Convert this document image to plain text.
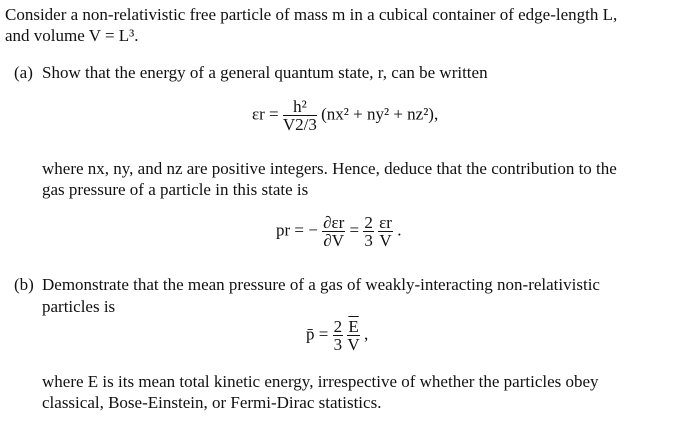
Consider a non-relativistic free particle of mass m in a cubical container of edge-length L,
and volume V = L³.
(a) Show that the energy of a general quantum state, r, can be written
$\varepsilon r = \frac{\text{h²}}{V2/3} (nx^2 + ny^2 + nz^2)$,
where nx, ny, and nz are positive integers. Hence, deduce that the contribution to the
gas pressure of a particle in this state is
pr = − $\frac{\partial\varepsilon r}{\partial V} = \frac{2}{3}$
$\frac{\varepsilon r}{V}$ .
(b) Demonstrate that the mean pressure of a gas of weakly-interacting non-relativistic
particles is
p̄ = $\frac{2}{3}$
$\frac{\overline{E}}{V}$ ,
where E is its mean total kinetic energy, irrespective of whether the particles obey
classical, Bose-Einstein, or Fermi-Dirac statistics.
